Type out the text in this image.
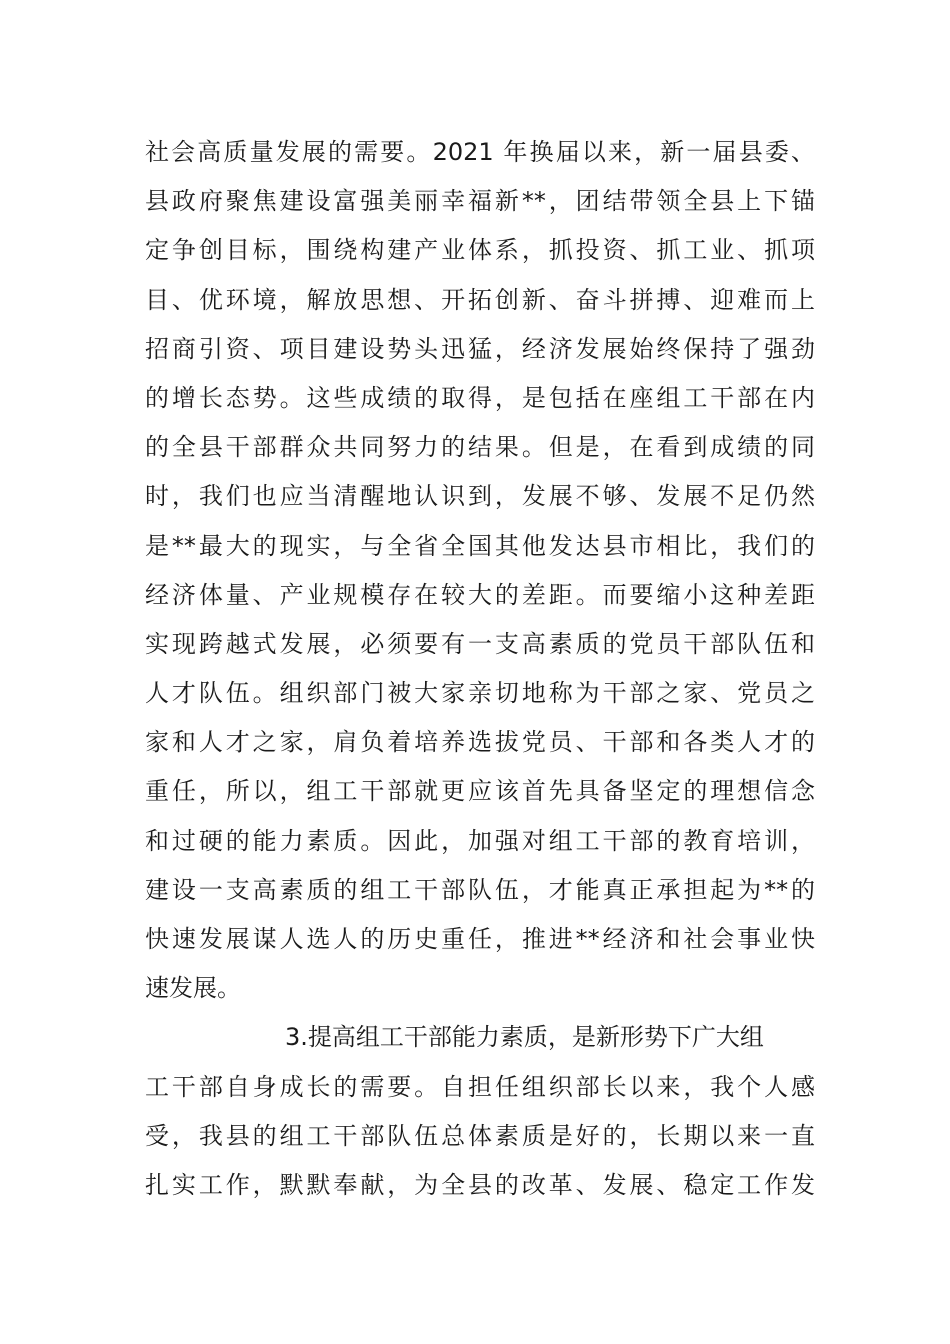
社会高质量发展的需要。2021 年换届以来，新一届县委、

县政府聚焦建设富强美丽幸福新**，团结带领全县上下锚

定争创目标，围绕构建产业体系，抓投资、抓工业、抓项

目、优环境，解放思想、开拓创新、奋斗拼搏、迎难而上

招商引资、项目建设势头迅猛，经济发展始终保持了强劲

的增长态势。这些成绩的取得，是包括在座组工干部在内

的全县干部群众共同努力的结果。但是，在看到成绩的同

时，我们也应当清醒地认识到，发展不够、发展不足仍然

是**最大的现实，与全省全国其他发达县市相比，我们的

经济体量、产业规模存在较大的差距。而要缩小这种差距

实现跨越式发展，必须要有一支高素质的党员干部队伍和

人才队伍。组织部门被大家亲切地称为干部之家、党员之

家和人才之家，肩负着培养选拔党员、干部和各类人才的

重任，所以，组工干部就更应该首先具备坚定的理想信念

和过硬的能力素质。因此，加强对组工干部的教育培训，

建设一支高素质的组工干部队伍，才能真正承担起为**的

快速发展谋人选人的历史重任，推进**经济和社会事业快

速发展。

3.提高组工干部能力素质，是新形势下广大组

工干部自身成长的需要。自担任组织部长以来，我个人感

受，我县的组工干部队伍总体素质是好的，长期以来一直

扎实工作，默默奉献，为全县的改革、发展、稳定工作发
